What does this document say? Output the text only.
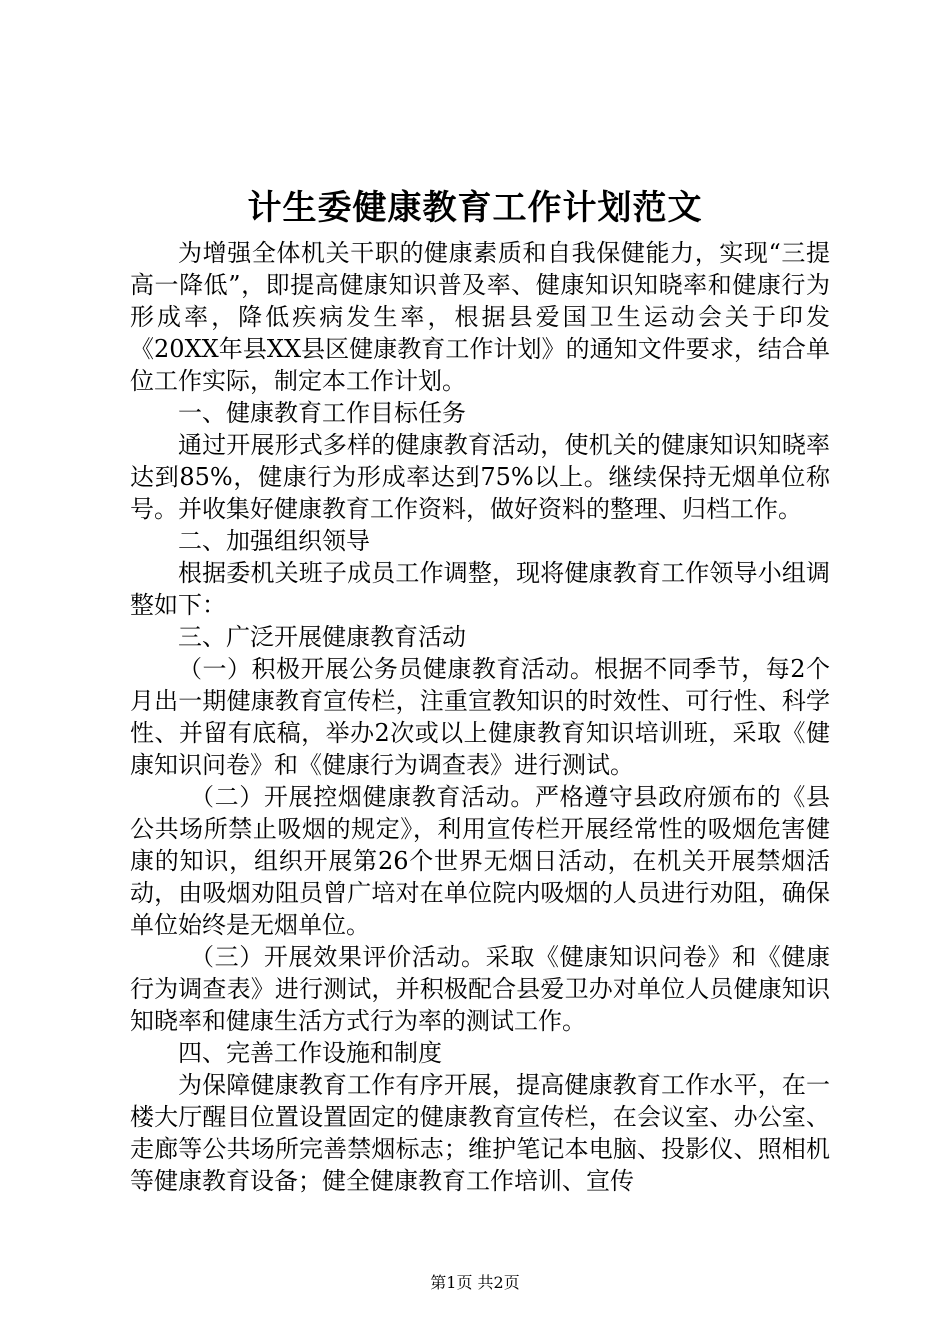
计生委健康教育工作计划范文

为增强全体机关干职的健康素质和自我保健能力，实现“三提高一降低”，即提高健康知识普及率、健康知识知晓率和健康行为形成率，降低疾病发生率，根据县爱国卫生运动会关于印发《20XX年县XX县区健康教育工作计划》的通知文件要求，结合单位工作实际，制定本工作计划。

一、健康教育工作目标任务

通过开展形式多样的健康教育活动，使机关的健康知识知晓率达到85%，健康行为形成率达到75%以上。继续保持无烟单位称号。并收集好健康教育工作资料，做好资料的整理、归档工作。

二、加强组织领导

根据委机关班子成员工作调整，现将健康教育工作领导小组调整如下：

三、广泛开展健康教育活动

（一）积极开展公务员健康教育活动。根据不同季节，每2个月出一期健康教育宣传栏，注重宣教知识的时效性、可行性、科学性、并留有底稿，举办2次或以上健康教育知识培训班，采取《健康知识问卷》和《健康行为调查表》进行测试。

（二）开展控烟健康教育活动。严格遵守县政府颁布的《县公共场所禁止吸烟的规定》，利用宣传栏开展经常性的吸烟危害健康的知识，组织开展第26个世界无烟日活动，在机关开展禁烟活动，由吸烟劝阻员曾广培对在单位院内吸烟的人员进行劝阻，确保单位始终是无烟单位。

（三）开展效果评价活动。采取《健康知识问卷》和《健康行为调查表》进行测试，并积极配合县爱卫办对单位人员健康知识知晓率和健康生活方式行为率的测试工作。

四、完善工作设施和制度

为保障健康教育工作有序开展，提高健康教育工作水平，在一楼大厅醒目位置设置固定的健康教育宣传栏，在会议室、办公室、走廊等公共场所完善禁烟标志；维护笔记本电脑、投影仪、照相机等健康教育设备；健全健康教育工作培训、宣传

第1页 共2页
